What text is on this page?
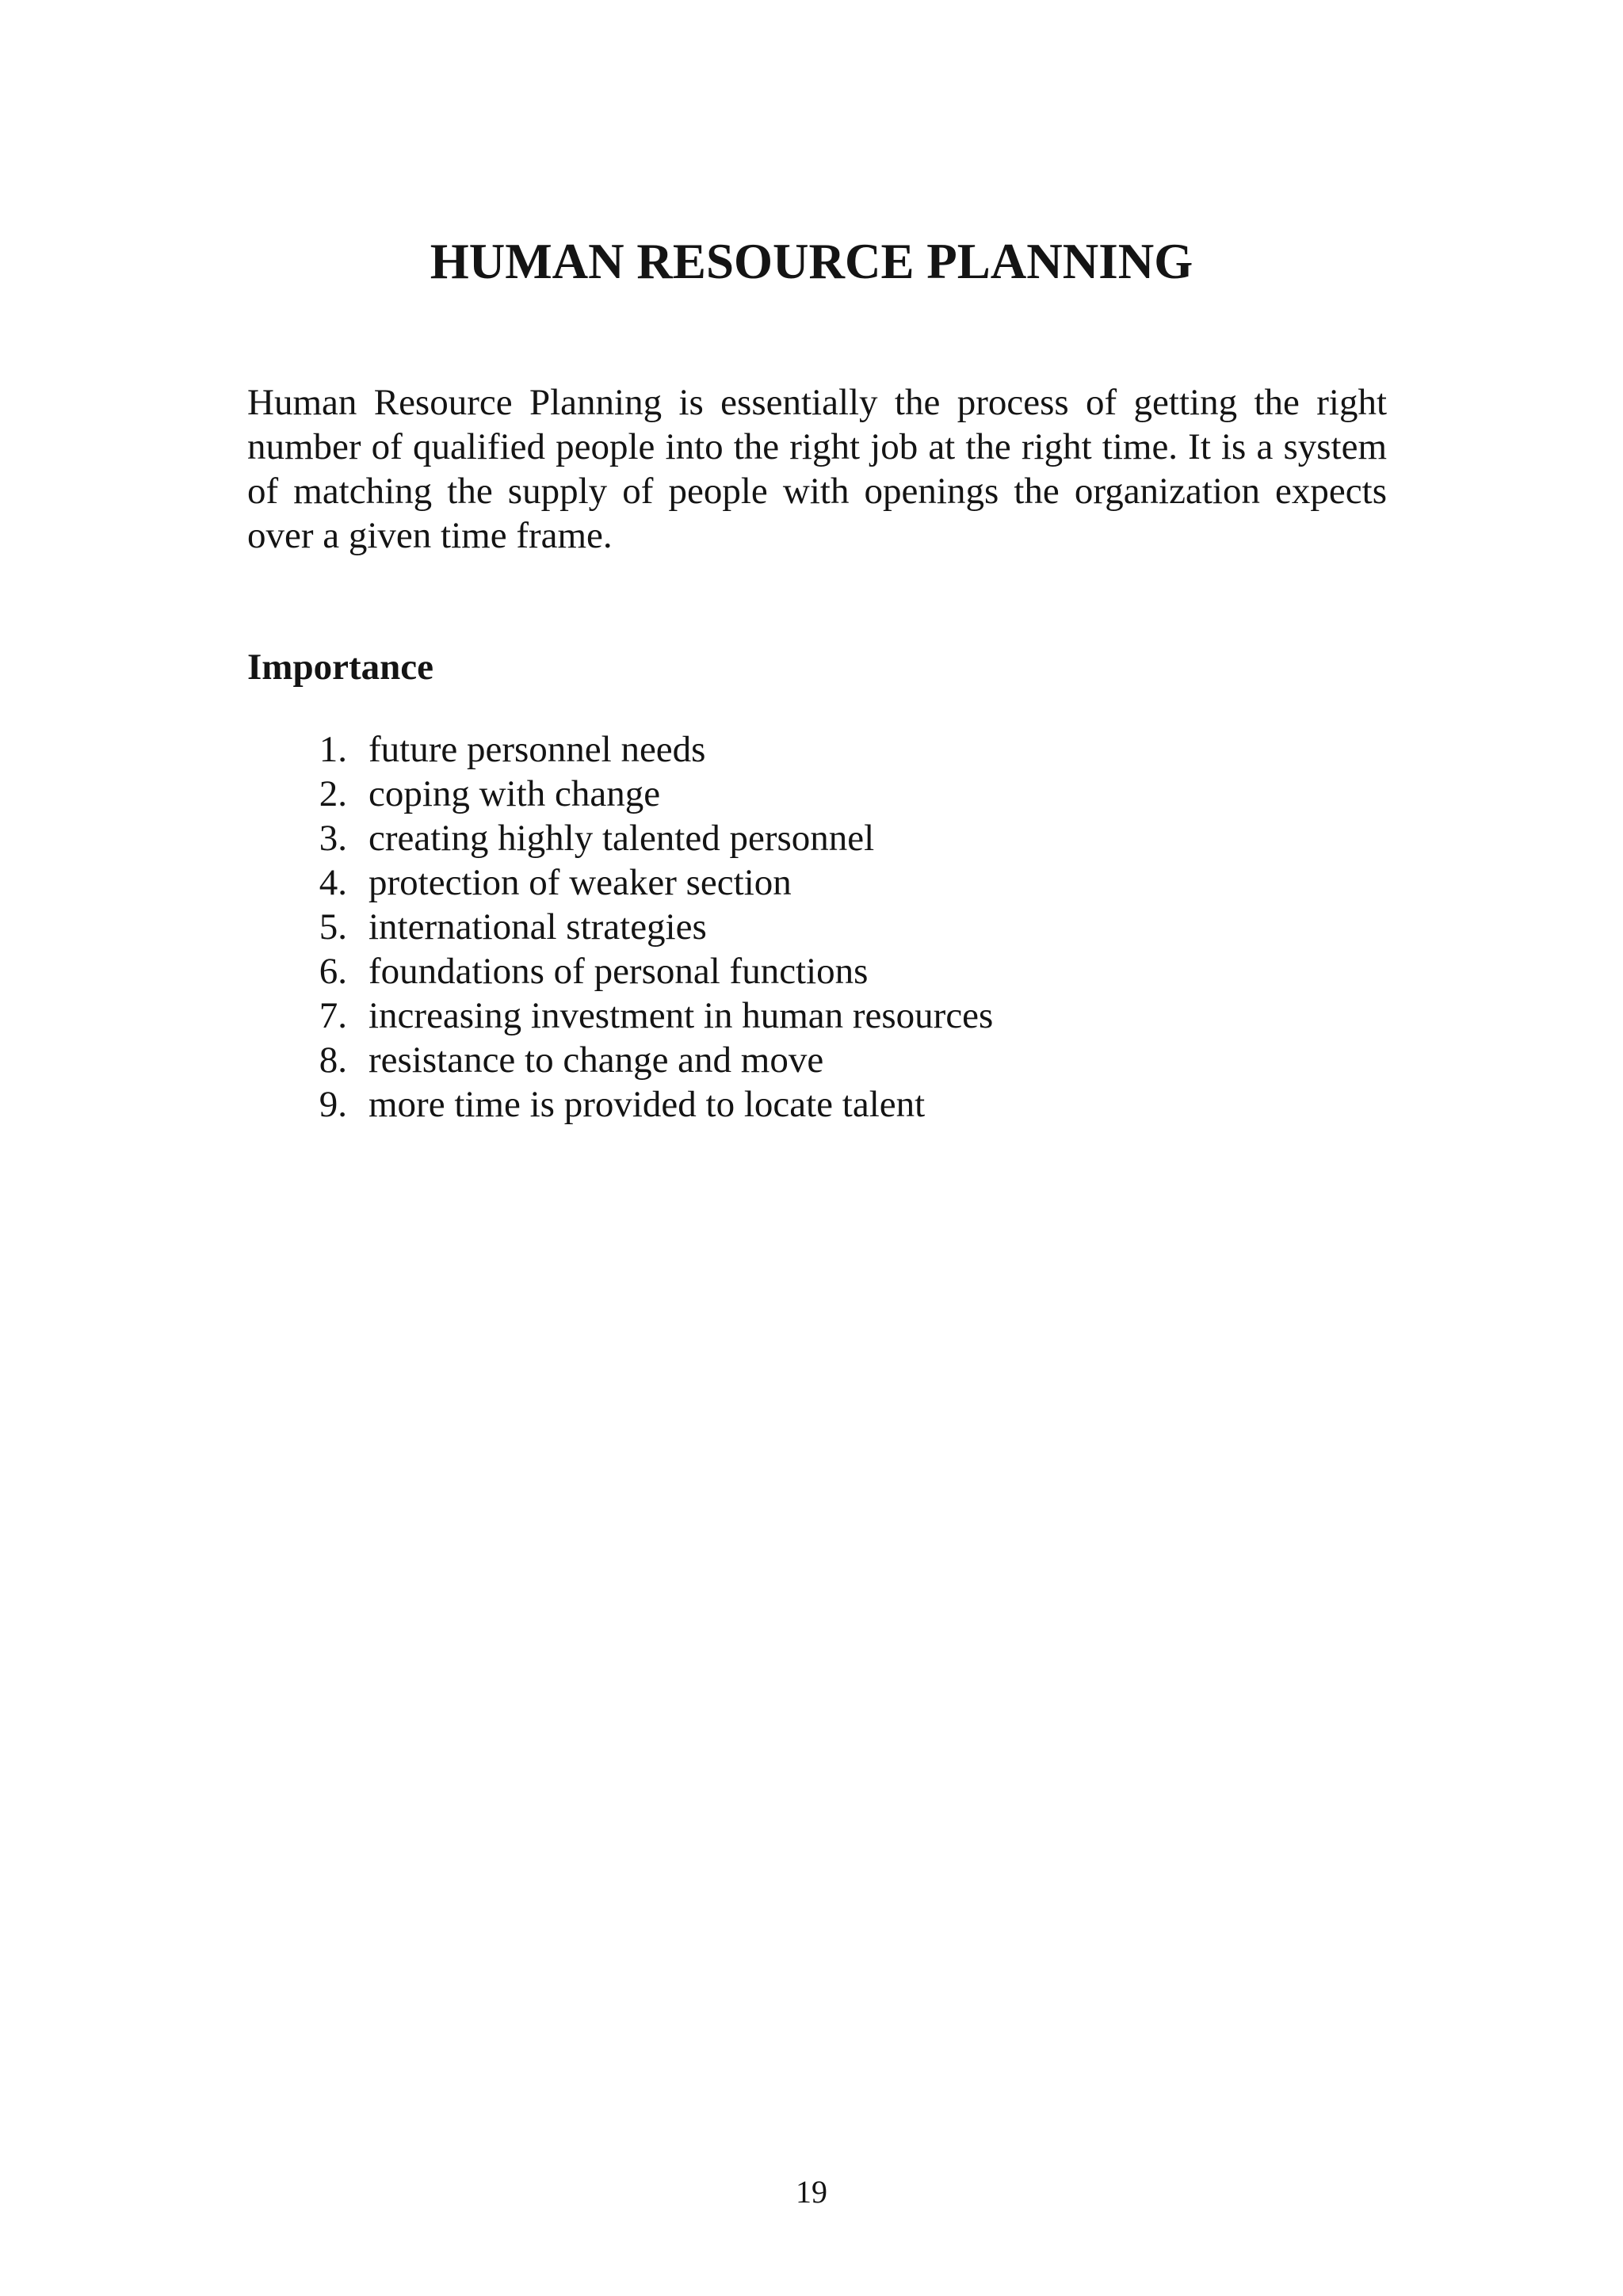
HUMAN RESOURCE PLANNING

Human Resource Planning is essentially the process of getting the right number of qualified people into the right job at the right time. It is a system of matching the supply of people with openings the organization expects over a given time frame.

Importance
1. future personnel needs
2. coping with change
3. creating highly talented personnel
4. protection of weaker section
5. international strategies
6. foundations of personal functions
7. increasing investment in human resources
8. resistance to change and move
9. more time is provided to locate talent
19
